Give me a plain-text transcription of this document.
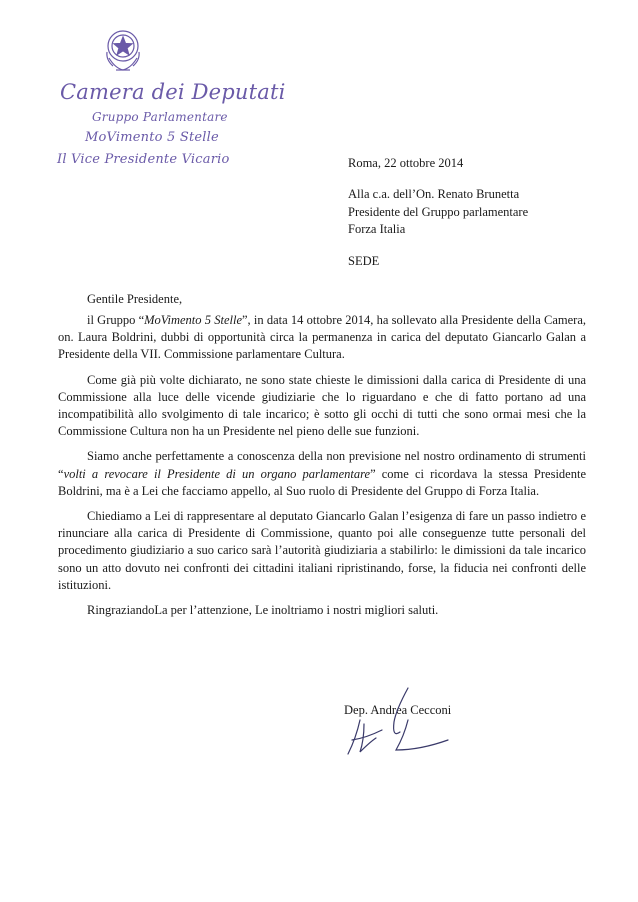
Camera dei Deputati
Gruppo Parlamentare
MoVimento 5 Stelle
Il Vice Presidente Vicario	Roma, 22 ottobre 2014
Alla c.a. dell’On. Renato Brunetta
Presidente del Gruppo parlamentare
Forza Italia
SEDE
Gentile Presidente,

il Gruppo “MoVimento 5 Stelle”, in data 14 ottobre 2014, ha sollevato alla Presidente della Camera, on. Laura Boldrini, dubbi di opportunità circa la permanenza in carica del deputato Giancarlo Galan a Presidente della VII. Commissione parlamentare Cultura.

Come già più volte dichiarato, ne sono state chieste le dimissioni dalla carica di Presidente di una Commissione alla luce delle vicende giudiziarie che lo riguardano e che di fatto portano ad una incompatibilità allo svolgimento di tale incarico; è sotto gli occhi di tutti che sono ormai mesi che la Commissione Cultura non ha un Presidente nel pieno delle sue funzioni.

Siamo anche perfettamente a conoscenza della non previsione nel nostro ordinamento di strumenti “volti a revocare il Presidente di un organo parlamentare” come ci ricordava la stessa Presidente Boldrini, ma è a Lei che facciamo appello, al Suo ruolo di Presidente del Gruppo di Forza Italia.

Chiediamo a Lei di rappresentare al deputato Giancarlo Galan l’esigenza di fare un passo indietro e rinunciare alla carica di Presidente di Commissione, quanto poi alle conseguenze tutte personali del procedimento giudiziario a suo carico sarà l’autorità giudiziaria a stabilirlo: le dimissioni da tale incarico sono un atto dovuto nei confronti dei cittadini italiani ripristinando, forse, la fiducia nei confronti delle istituzioni.

RingraziandoLa per l’attenzione, Le inoltriamo i nostri migliori saluti.

Dep. Andrea Cecconi
